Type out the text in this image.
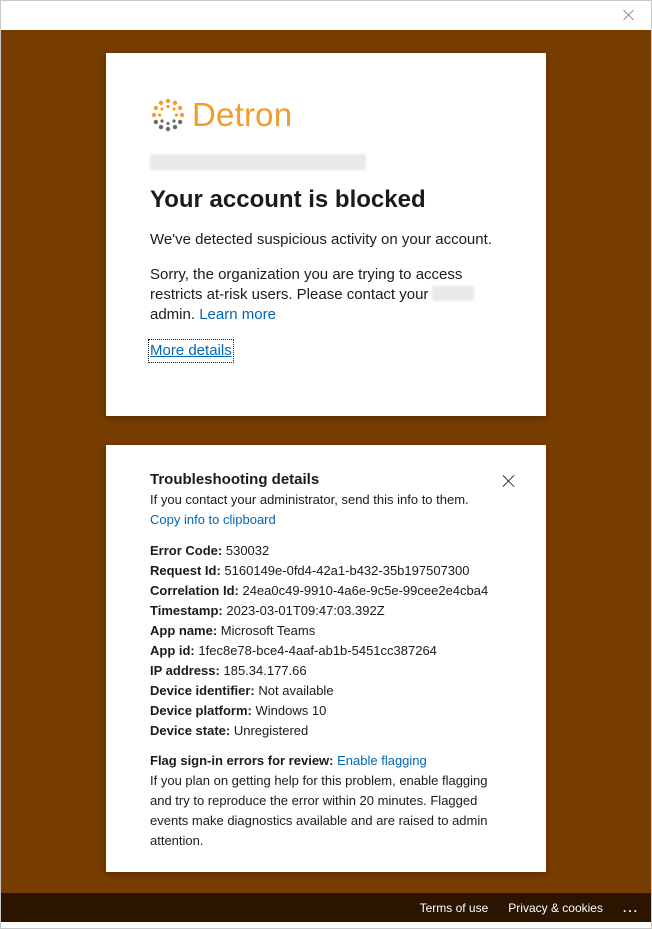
Detron
Your account is blocked

We've detected suspicious activity on your account.

Sorry, the organization you are trying to access restricts at-risk users. Please contact your
admin. Learn more

More details
Troubleshooting details

If you contact your administrator, send this info to them.

Copy info to clipboard
Error Code: 530032
Request Id: 5160149e-0fd4-42a1-b432-35b197507300
Correlation Id: 24ea0c49-9910-4a6e-9c5e-99cee2e4cba4
Timestamp: 2023-03-01T09:47:03.392Z
App name: Microsoft Teams
App id: 1fec8e78-bce4-4aaf-ab1b-5451cc387264
IP address: 185.34.177.66
Device identifier: Not available
Device platform: Windows 10
Device state: Unregistered
Flag sign-in errors for review: Enable flagging

If you plan on getting help for this problem, enable flagging and try to reproduce the error within 20 minutes. Flagged events make diagnostics available and are raised to admin attention.

Terms of use Privacy & cookies ...
